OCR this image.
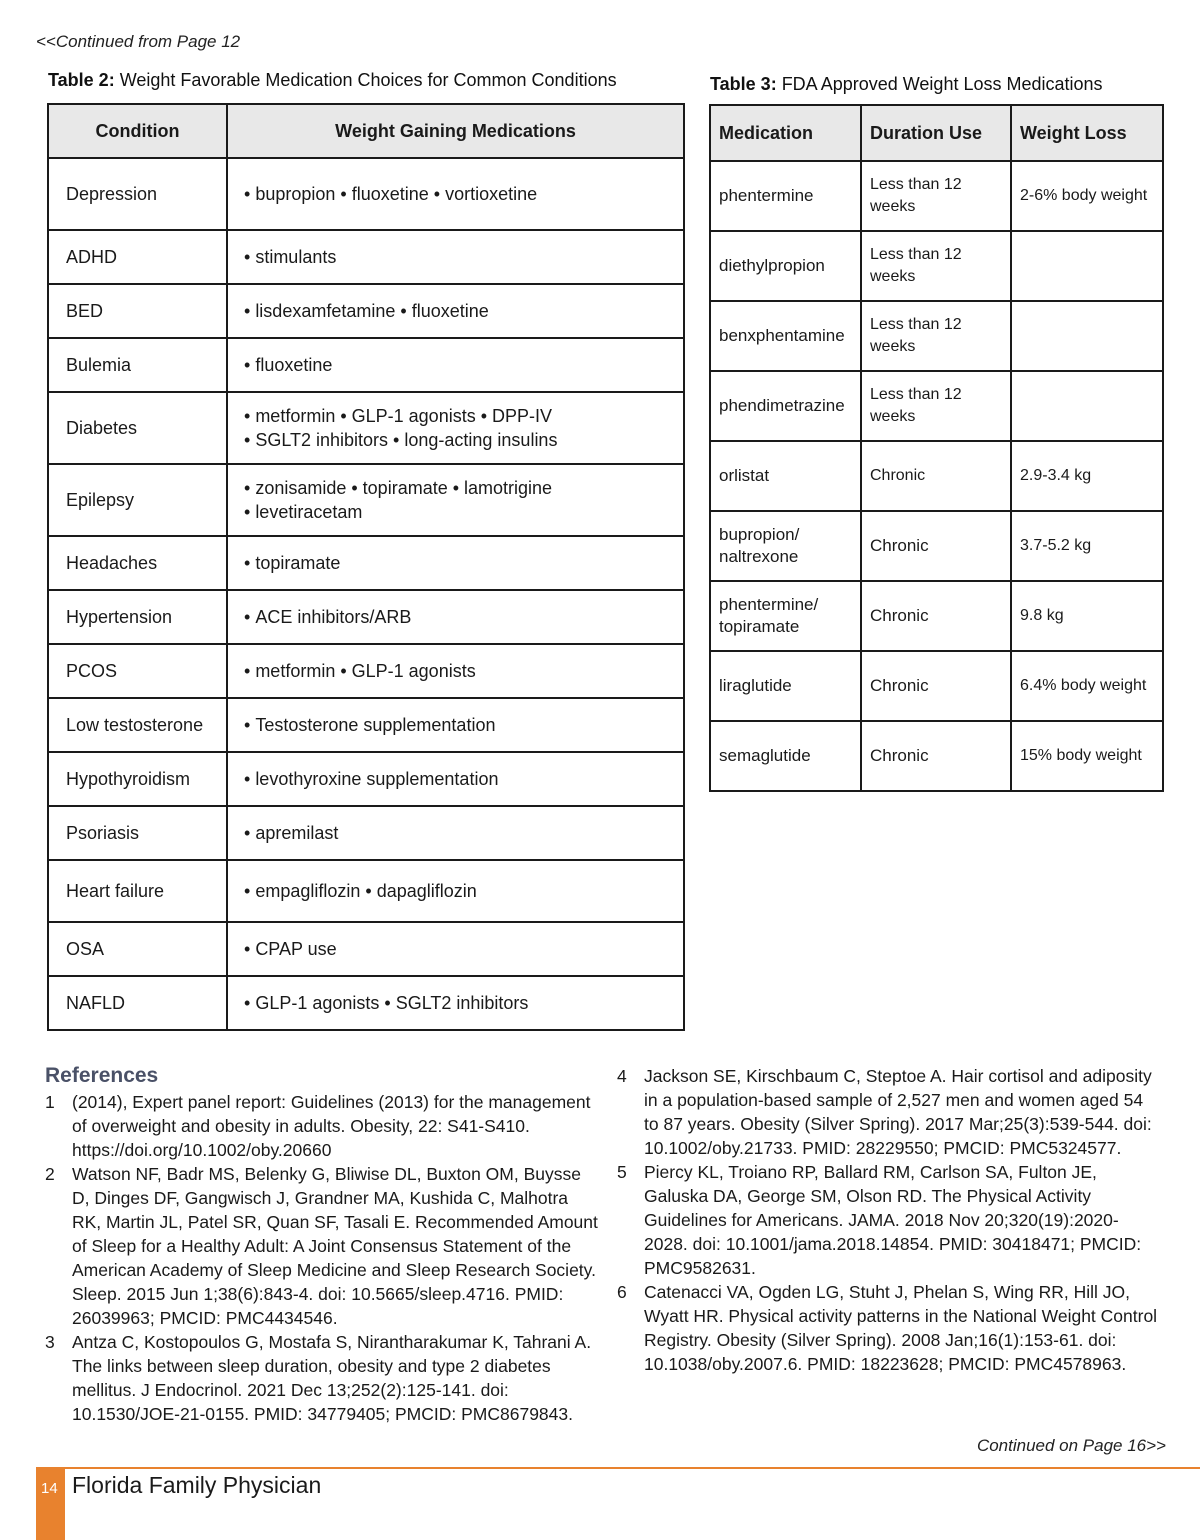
<<Continued from Page 12
Table 2: Weight Favorable Medication Choices for Common Conditions
Condition	Weight Gaining Medications
Depression	• bupropion • fluoxetine • vortioxetine

ADHD	• stimulants

BED	• lisdexamfetamine • fluoxetine

Bulemia	• fluoxetine

Diabetes	• metformin • GLP-1 agonists • DPP-IV
• SGLT2 inhibitors • long-acting insulins

Epilepsy	• zonisamide • topiramate • lamotrigine
• levetiracetam

Headaches	• topiramate

Hypertension	• ACE inhibitors/ARB

PCOS	• metformin • GLP-1 agonists

Low testosterone	• Testosterone supplementation

Hypothyroidism	• levothyroxine supplementation

Psoriasis	• apremilast

Heart failure	• empagliflozin • dapagliflozin

OSA	• CPAP use

NAFLD	• GLP-1 agonists • SGLT2 inhibitors
Table 3: FDA Approved Weight Loss Medications
Medication	Duration Use	Weight Loss
phentermine	Less than 12 weeks	2-6% body weight
diethylpropion	Less than 12 weeks	
benxphentamine	Less than 12 weeks	
phendimetrazine	Less than 12 weeks	
orlistat	Chronic	2.9-3.4 kg
bupropion/ naltrexone	Chronic	3.7-5.2 kg
phentermine/ topiramate	Chronic	9.8 kg
liraglutide	Chronic	6.4% body weight
semaglutide	Chronic	15% body weight
References
1 (2014), Expert panel report: Guidelines (2013) for the management of overweight and obesity in adults. Obesity, 22: S41-S410. https://doi.org/10.1002/oby.20660
2 Watson NF, Badr MS, Belenky G, Bliwise DL, Buxton OM, Buysse D, Dinges DF, Gangwisch J, Grandner MA, Kushida C, Malhotra RK, Martin JL, Patel SR, Quan SF, Tasali E. Recommended Amount of Sleep for a Healthy Adult: A Joint Consensus Statement of the American Academy of Sleep Medicine and Sleep Research Society. Sleep. 2015 Jun 1;38(6):843-4. doi: 10.5665/sleep.4716. PMID: 26039963; PMCID: PMC4434546.
3 Antza C, Kostopoulos G, Mostafa S, Nirantharakumar K, Tahrani A. The links between sleep duration, obesity and type 2 diabetes mellitus. J Endocrinol. 2021 Dec 13;252(2):125-141. doi: 10.1530/JOE-21-0155. PMID: 34779405; PMCID: PMC8679843.
4 Jackson SE, Kirschbaum C, Steptoe A. Hair cortisol and adiposity in a population-based sample of 2,527 men and women aged 54 to 87 years. Obesity (Silver Spring). 2017 Mar;25(3):539-544. doi: 10.1002/oby.21733. PMID: 28229550; PMCID: PMC5324577.
5 Piercy KL, Troiano RP, Ballard RM, Carlson SA, Fulton JE, Galuska DA, George SM, Olson RD. The Physical Activity Guidelines for Americans. JAMA. 2018 Nov 20;320(19):2020-2028. doi: 10.1001/jama.2018.14854. PMID: 30418471; PMCID: PMC9582631.
6 Catenacci VA, Ogden LG, Stuht J, Phelan S, Wing RR, Hill JO, Wyatt HR. Physical activity patterns in the National Weight Control Registry. Obesity (Silver Spring). 2008 Jan;16(1):153-61. doi: 10.1038/oby.2007.6. PMID: 18223628; PMCID: PMC4578963.
Continued on Page 16>>
14 Florida Family Physician
